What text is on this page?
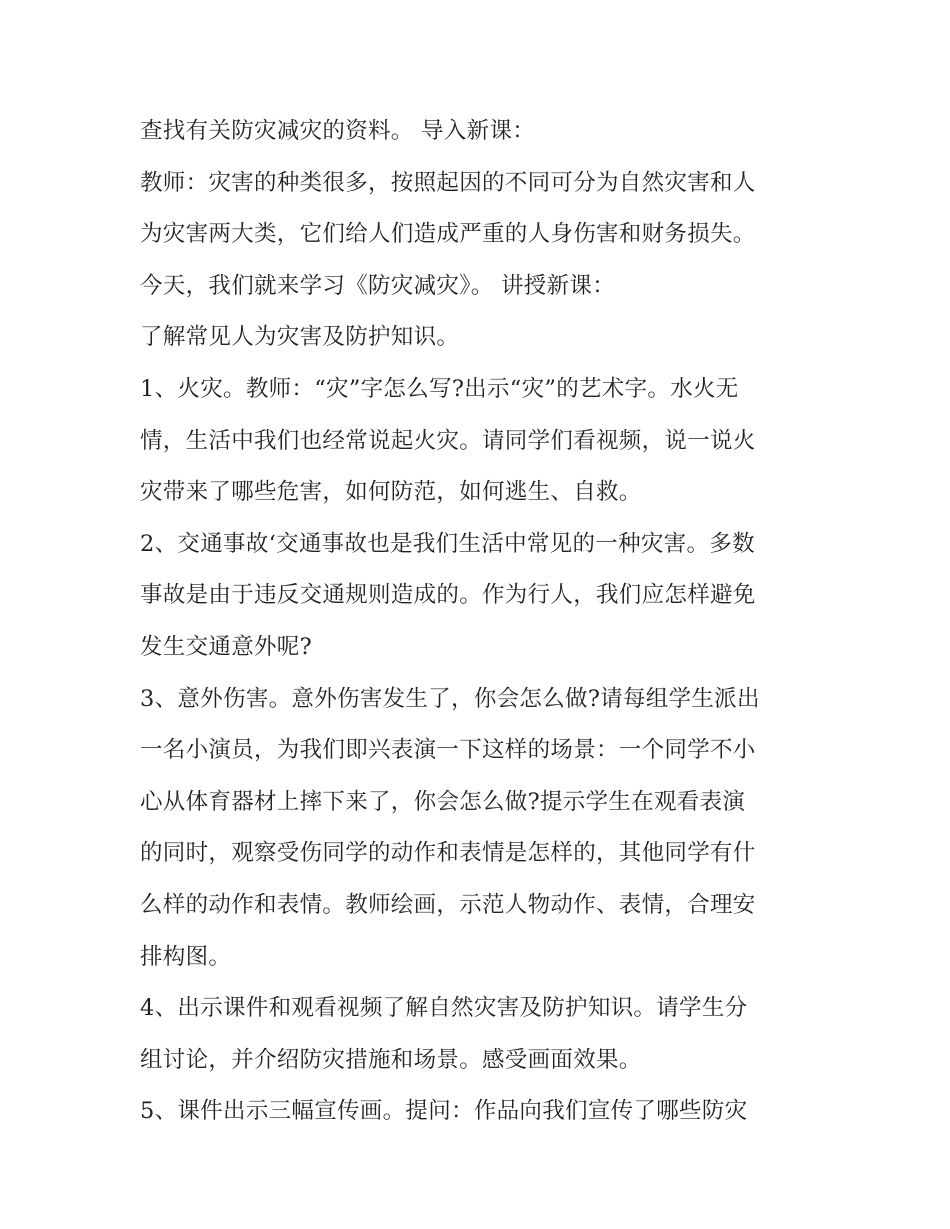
查找有关防灾减灾的资料。 导入新课：
教师：灾害的种类很多，按照起因的不同可分为自然灾害和人
为灾害两大类，它们给人们造成严重的人身伤害和财务损失。
今天，我们就来学习《防灾减灾》。 讲授新课：
了解常见人为灾害及防护知识。
1、火灾。教师：“灾”字怎么写?出示“灾”的艺术字。水火无
情，生活中我们也经常说起火灾。请同学们看视频，说一说火
灾带来了哪些危害，如何防范，如何逃生、自救。
2、交通事故‘交通事故也是我们生活中常见的一种灾害。多数
事故是由于违反交通规则造成的。作为行人，我们应怎样避免
发生交通意外呢?
3、意外伤害。意外伤害发生了，你会怎么做?请每组学生派出
一名小演员，为我们即兴表演一下这样的场景：一个同学不小
心从体育器材上摔下来了，你会怎么做?提示学生在观看表演
的同时，观察受伤同学的动作和表情是怎样的，其他同学有什
么样的动作和表情。教师绘画，示范人物动作、表情，合理安
排构图。
4、出示课件和观看视频了解自然灾害及防护知识。请学生分
组讨论，并介绍防灾措施和场景。感受画面效果。
5、课件出示三幅宣传画。提问：作品向我们宣传了哪些防灾
